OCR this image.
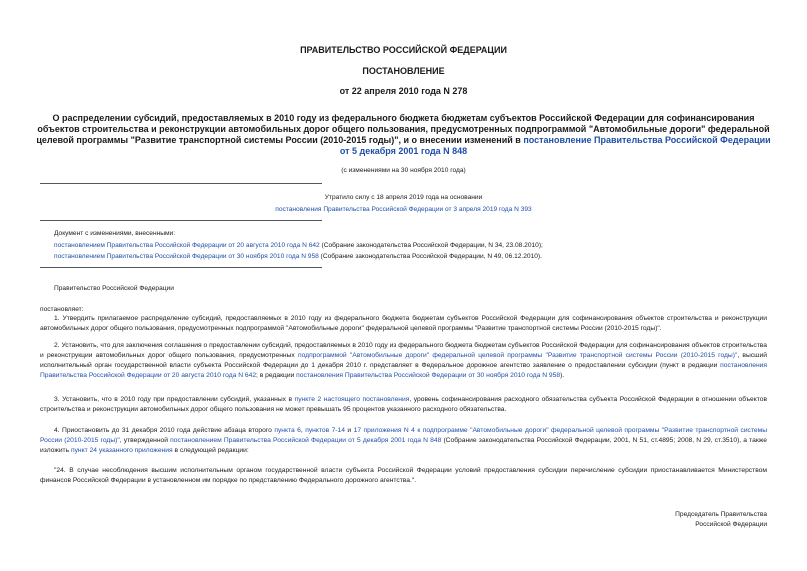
ПРАВИТЕЛЬСТВО РОССИЙСКОЙ ФЕДЕРАЦИИ
ПОСТАНОВЛЕНИЕ
от 22 апреля 2010 года N 278
О распределении субсидий, предоставляемых в 2010 году из федерального бюджета бюджетам субъектов Российской Федерации для софинансирования объектов строительства и реконструкции автомобильных дорог общего пользования, предусмотренных подпрограммой "Автомобильные дороги" федеральной целевой программы "Развитие транспортной системы России (2010-2015 годы)", и о внесении изменений в постановление Правительства Российской Федерации от 5 декабря 2001 года N 848
(с изменениями на 30 ноября 2010 года)
Утратило силу с 18 апреля 2019 года на основании
постановления Правительства Российской Федерации от 3 апреля 2019 года N 393
Документ с изменениями, внесенными:
постановлением Правительства Российской Федерации от 20 августа 2010 года N 642 (Собрание законодательства Российской Федерации, N 34, 23.08.2010);
постановлением Правительства Российской Федерации от 30 ноября 2010 года N 958 (Собрание законодательства Российской Федерации, N 49, 06.12.2010).
Правительство Российской Федерации
постановляет:
1. Утвердить прилагаемое распределение субсидий, предоставляемых в 2010 году из федерального бюджета бюджетам субъектов Российской Федерации для софинансирования объектов строительства и реконструкции автомобильных дорог общего пользования, предусмотренных подпрограммой "Автомобильные дороги" федеральной целевой программы "Развитие транспортной системы России (2010-2015 годы)".
2. Установить, что для заключения соглашения о предоставлении субсидий, предоставляемых в 2010 году из федерального бюджета бюджетам субъектов Российской Федерации для софинансирования объектов строительства и реконструкции автомобильных дорог общего пользования, предусмотренных подпрограммой "Автомобильные дороги" федеральной целевой программы "Развитие транспортной системы России (2010-2015 годы)", высший исполнительный орган государственной власти субъекта Российской Федерации до 1 декабря 2010 г. представляет в Федеральное дорожное агентство заявление о предоставлении субсидии (пункт в редакции постановления Правительства Российской Федерации от 20 августа 2010 года N 642; в редакции постановления Правительства Российской Федерации от 30 ноября 2010 года N 958).
3. Установить, что в 2010 году при предоставлении субсидий, указанных в пункте 2 настоящего постановления, уровень софинансирования расходного обязательства субъекта Российской Федерации в отношении объектов строительства и реконструкции автомобильных дорог общего пользования не может превышать 95 процентов указанного расходного обязательства.
4. Приостановить до 31 декабря 2010 года действие абзаца второго пункта 6, пунктов 7-14 и 17 приложения N 4 к подпрограмме "Автомобильные дороги" федеральной целевой программы "Развитие транспортной системы России (2010-2015 годы)", утвержденной постановлением Правительства Российской Федерации от 5 декабря 2001 года N 848 (Собрание законодательства Российской Федерации, 2001, N 51, ст.4895; 2008, N 29, ст.3510), а также изложить пункт 24 указанного приложения в следующей редакции:
"24. В случае несоблюдения высшим исполнительным органом государственной власти субъекта Российской Федерации условий предоставления субсидии перечисление субсидии приостанавливается Министерством финансов Российской Федерации в установленном им порядке по представлению Федерального дорожного агентства.".
Председатель Правительства
Российской Федерации
